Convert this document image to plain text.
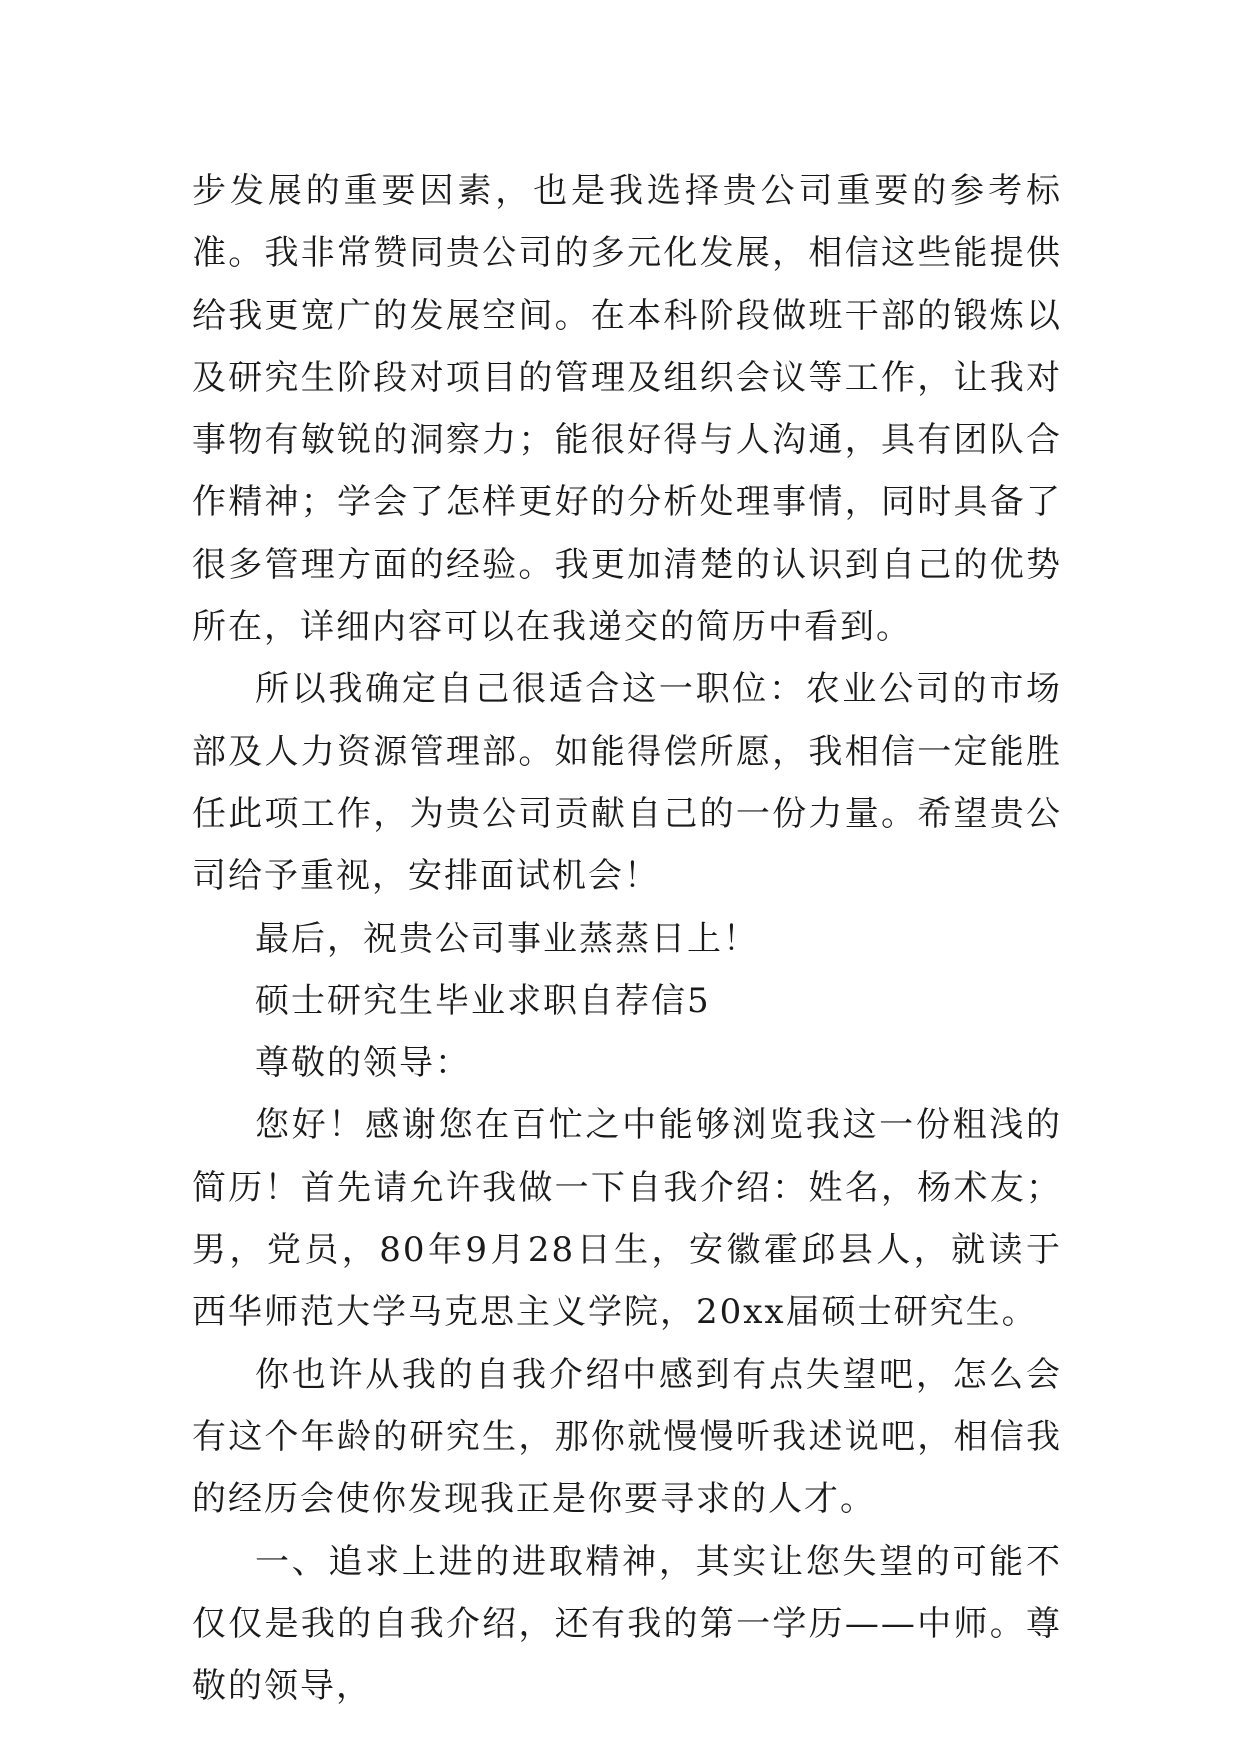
步发展的重要因素，也是我选择贵公司重要的参考标准。我非常赞同贵公司的多元化发展，相信这些能提供给我更宽广的发展空间。在本科阶段做班干部的锻炼以及研究生阶段对项目的管理及组织会议等工作，让我对事物有敏锐的洞察力；能很好得与人沟通，具有团队合作精神；学会了怎样更好的分析处理事情，同时具备了很多管理方面的经验。我更加清楚的认识到自己的优势所在，详细内容可以在我递交的简历中看到。

所以我确定自己很适合这一职位：农业公司的市场部及人力资源管理部。如能得偿所愿，我相信一定能胜任此项工作，为贵公司贡献自己的一份力量。希望贵公司给予重视，安排面试机会！

最后，祝贵公司事业蒸蒸日上！

硕士研究生毕业求职自荐信5

尊敬的领导：

您好！感谢您在百忙之中能够浏览我这一份粗浅的简历！首先请允许我做一下自我介绍：姓名，杨术友；男，党员，80年9月28日生，安徽霍邱县人，就读于西华师范大学马克思主义学院，20xx届硕士研究生。

你也许从我的自我介绍中感到有点失望吧，怎么会有这个年龄的研究生，那你就慢慢听我述说吧，相信我的经历会使你发现我正是你要寻求的人才。

一、追求上进的进取精神，其实让您失望的可能不仅仅是我的自我介绍，还有我的第一学历——中师。尊敬的领导，
